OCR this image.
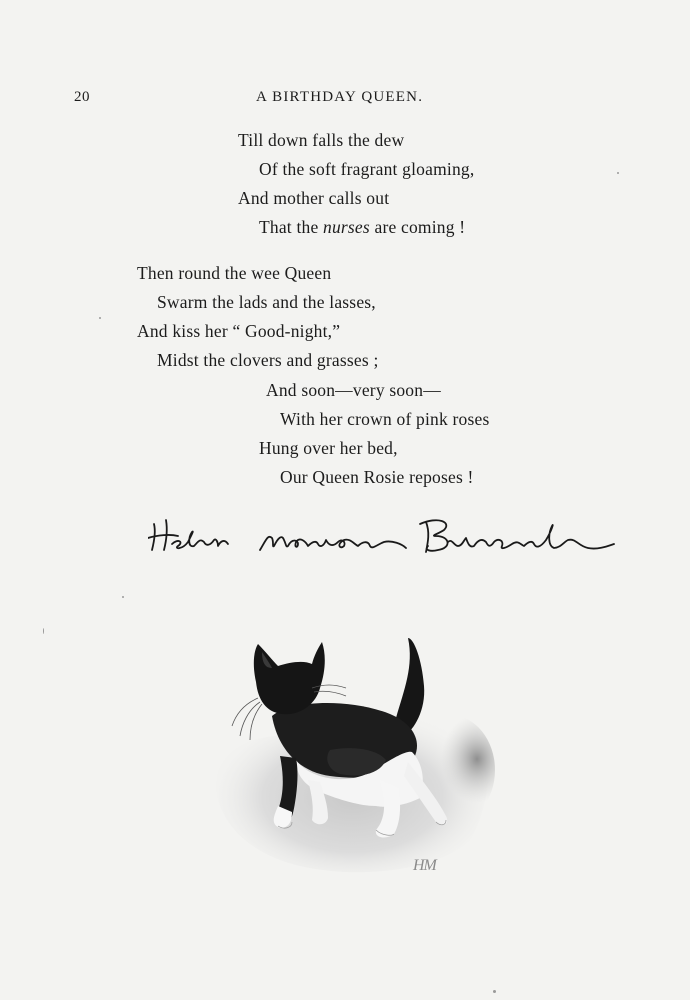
20	A BIRTHDAY QUEEN.
Till down falls the dew
Of the soft fragrant gloaming,
And mother calls out
That the nurses are coming !
Then round the wee Queen
Swarm the lads and the lasses,
And kiss her “ Good-night,”
Midst the clovers and grasses ;
And soon—very soon—
With her crown of pink roses
Hung over her bed,
Our Queen Rosie reposes !
HM
